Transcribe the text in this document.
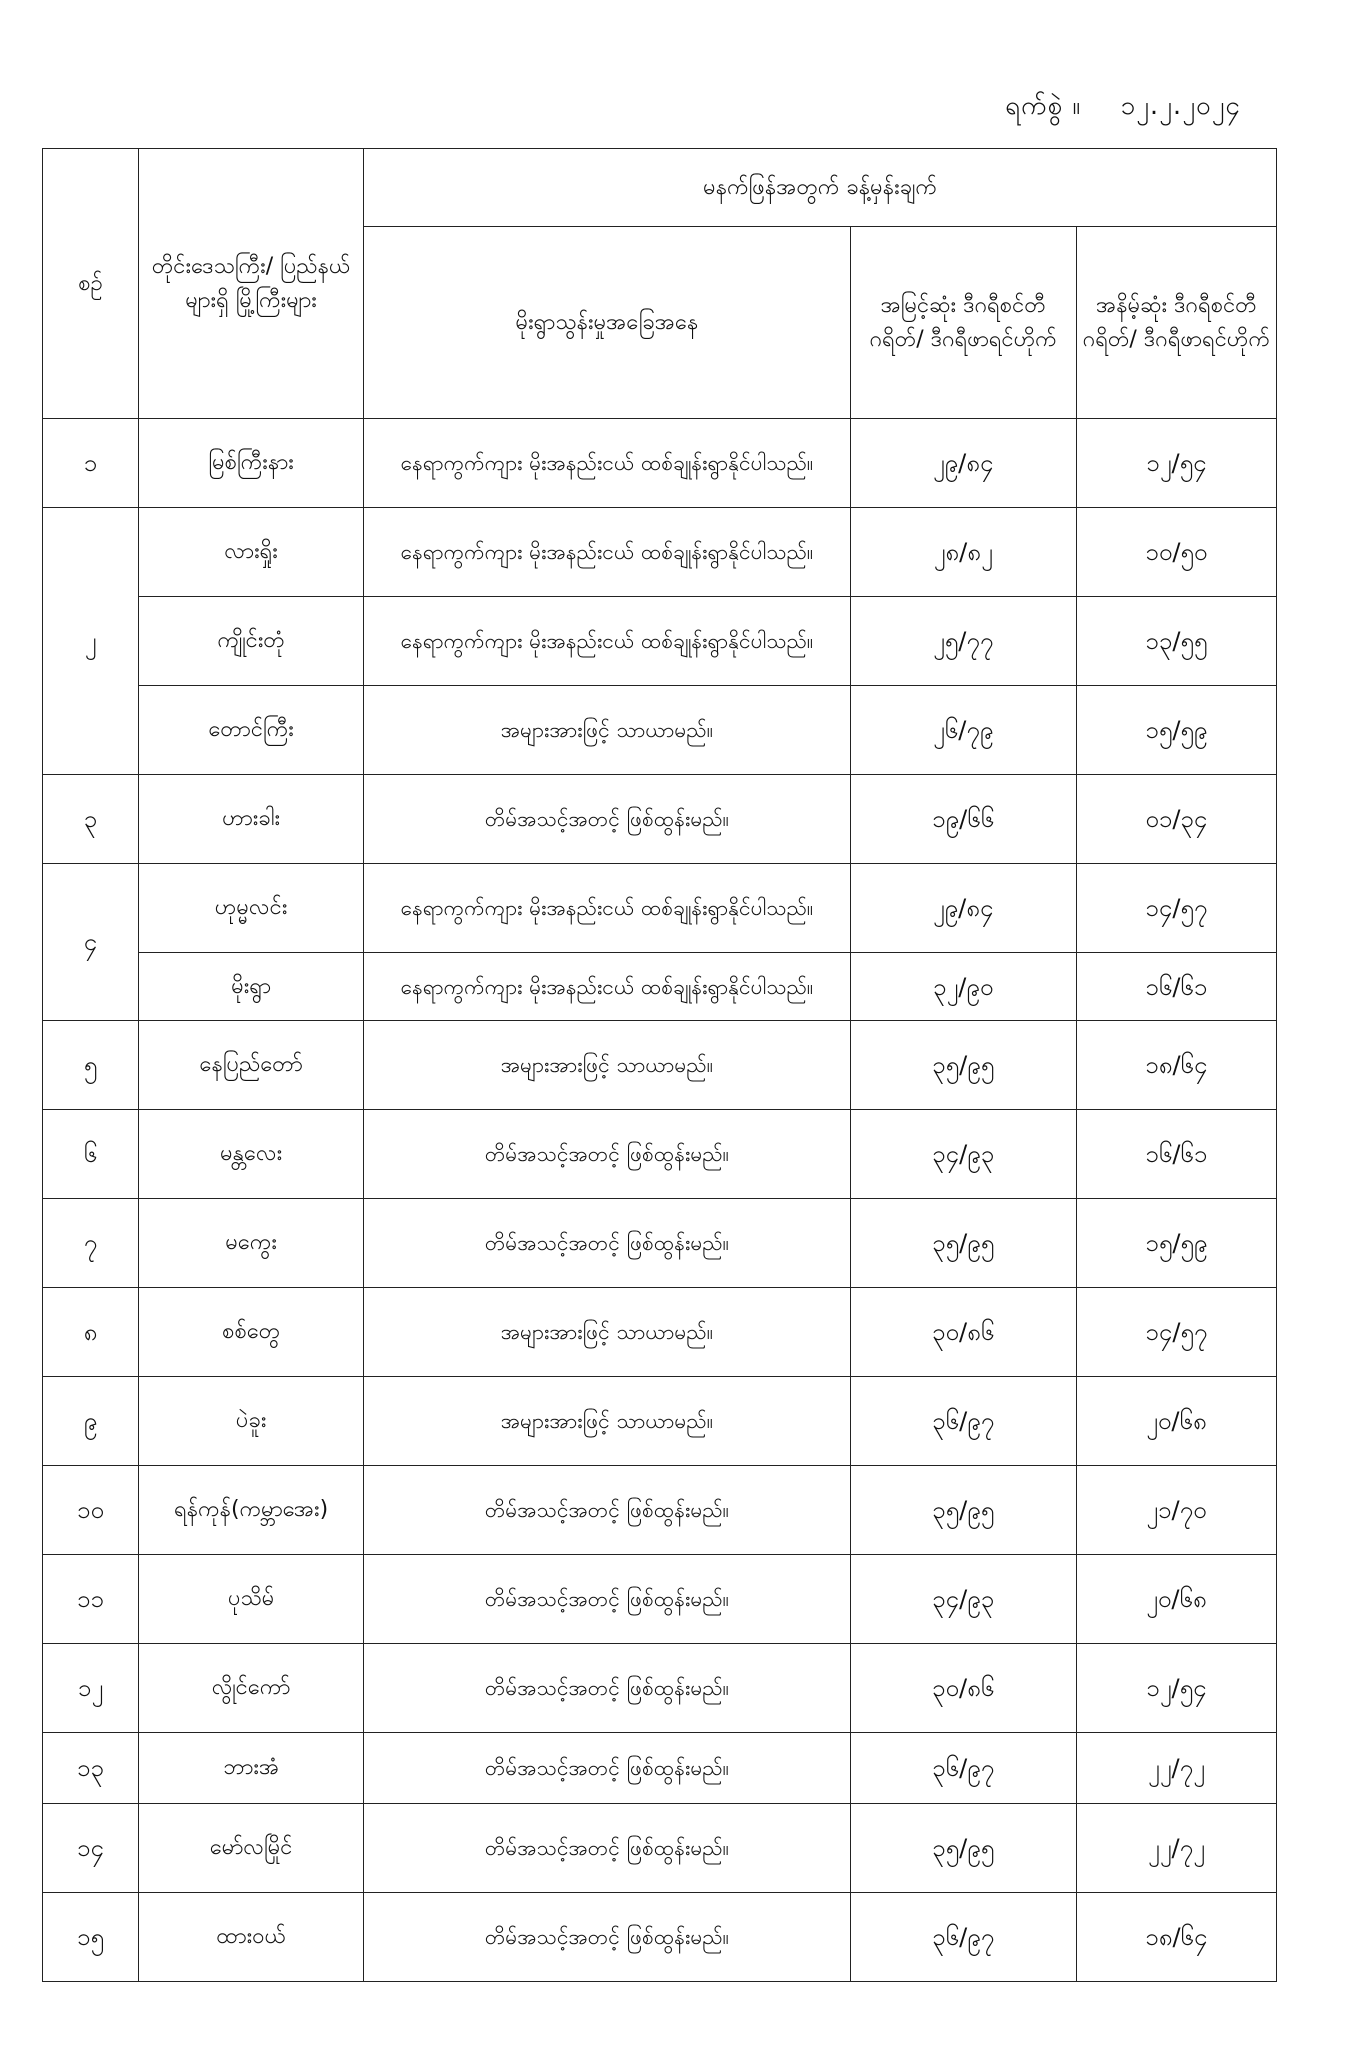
ရက်စွဲ ။ ၁၂.၂.၂၀၂၄
စဉ်	တိုင်းဒေသကြီး/ ပြည်နယ်များရှိ မြို့ကြီးများ	မနက်ဖြန်အတွက် ခန့်မှန်းချက်		
		မိုးရွာသွန်းမှုအခြေအနေ	အမြင့်ဆုံး ဒီဂရီစင်တီဂရိတ်/ ဒီဂရီဖာရင်ဟိုက်	အနိမ့်ဆုံး ဒီဂရီစင်တီဂရိတ်/ ဒီဂရီဖာရင်ဟိုက်
၁	မြစ်ကြီးနား	နေရာကွက်ကျား မိုးအနည်းငယ် ထစ်ချုန်းရွာနိုင်ပါသည်။	၂၉/၈၄	၁၂/၅၄
၂	လားရှိုး	နေရာကွက်ကျား မိုးအနည်းငယ် ထစ်ချုန်းရွာနိုင်ပါသည်။	၂၈/၈၂	၁၀/၅၀
	ကျိုင်းတုံ	နေရာကွက်ကျား မိုးအနည်းငယ် ထစ်ချုန်းရွာနိုင်ပါသည်။	၂၅/၇၇	၁၃/၅၅
	တောင်ကြီး	အများအားဖြင့် သာယာမည်။	၂၆/၇၉	၁၅/၅၉
၃	ဟားခါး	တိမ်အသင့်အတင့် ဖြစ်ထွန်းမည်။	၁၉/၆၆	၀၁/၃၄
၄	ဟုမ္မလင်း	နေရာကွက်ကျား မိုးအနည်းငယ် ထစ်ချုန်းရွာနိုင်ပါသည်။	၂၉/၈၄	၁၄/၅၇
	မိုးရွာ	နေရာကွက်ကျား မိုးအနည်းငယ် ထစ်ချုန်းရွာနိုင်ပါသည်။	၃၂/၉၀	၁၆/၆၁
၅	နေပြည်တော်	အများအားဖြင့် သာယာမည်။	၃၅/၉၅	၁၈/၆၄
၆	မန္တလေး	တိမ်အသင့်အတင့် ဖြစ်ထွန်းမည်။	၃၄/၉၃	၁၆/၆၁
၇	မကွေး	တိမ်အသင့်အတင့် ဖြစ်ထွန်းမည်။	၃၅/၉၅	၁၅/၅၉
၈	စစ်တွေ	အများအားဖြင့် သာယာမည်။	၃၀/၈၆	၁၄/၅၇
၉	ပဲခူး	အများအားဖြင့် သာယာမည်။	၃၆/၉၇	၂၀/၆၈
၁၀	ရန်ကုန်(ကမ္ဘာအေး)	တိမ်အသင့်အတင့် ဖြစ်ထွန်းမည်။	၃၅/၉၅	၂၁/၇၀
၁၁	ပုသိမ်	တိမ်အသင့်အတင့် ဖြစ်ထွန်းမည်။	၃၄/၉၃	၂၀/၆၈
၁၂	လွိုင်ကော်	တိမ်အသင့်အတင့် ဖြစ်ထွန်းမည်။	၃၀/၈၆	၁၂/၅၄
၁၃	ဘားအံ	တိမ်အသင့်အတင့် ဖြစ်ထွန်းမည်။	၃၆/၉၇	၂၂/၇၂
၁၄	မော်လမြိုင်	တိမ်အသင့်အတင့် ဖြစ်ထွန်းမည်။	၃၅/၉၅	၂၂/၇၂
၁၅	ထားဝယ်	တိမ်အသင့်အတင့် ဖြစ်ထွန်းမည်။	၃၆/၉၇	၁၈/၆၄
